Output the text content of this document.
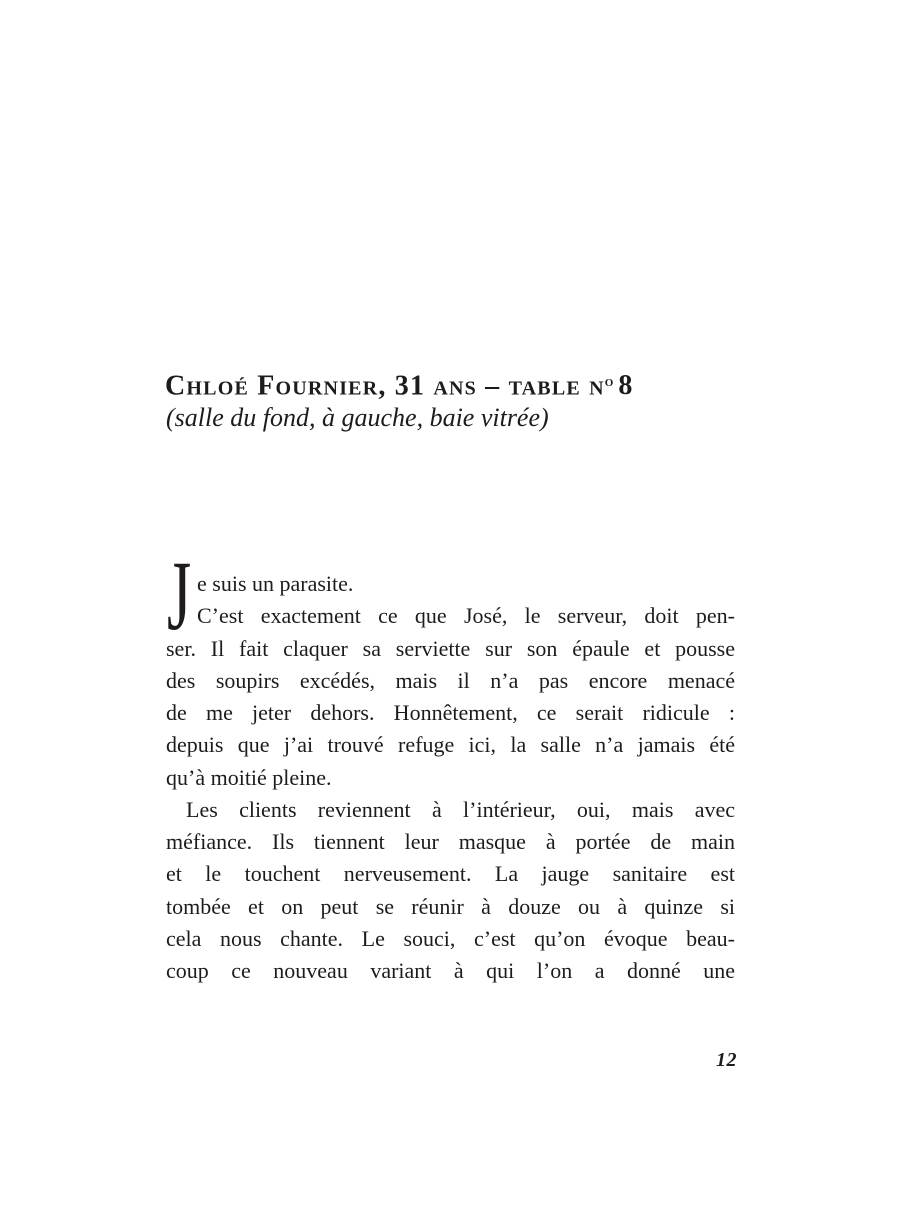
Chloé Fournier, 31 ans – table $n^o$ 8
(salle du fond, à gauche, baie vitrée)
J e suis un parasite.
C’est exactement ce que José, le serveur, doit pen-
ser. Il fait claquer sa serviette sur son épaule et pousse
des soupirs excédés, mais il n’a pas encore menacé
de me jeter dehors. Honnêtement, ce serait ridicule :
depuis que j’ai trouvé refuge ici, la salle n’a jamais été
qu’à moitié pleine.
Les clients reviennent à l’intérieur, oui, mais avec
méfiance. Ils tiennent leur masque à portée de main
et le touchent nerveusement. La jauge sanitaire est
tombée et on peut se réunir à douze ou à quinze si
cela nous chante. Le souci, c’est qu’on évoque beau-
coup ce nouveau variant à qui l’on a donné une
12
